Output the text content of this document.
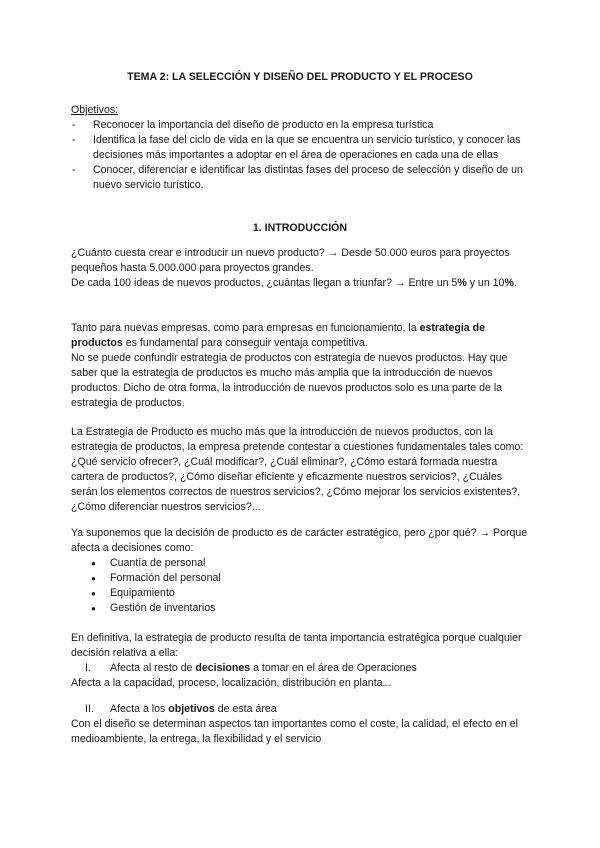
TEMA 2: LA SELECCIÓN Y DISEÑO DEL PRODUCTO Y EL PROCESO
Objetivos:
- Reconocer la importancia del diseño de producto en la empresa turística
- Identifica la fase del ciclo de vida en la que se encuentra un servicio turístico, y conocer las decisiones más importantes a adoptar en el área de operaciones en cada una de ellas
- Conocer, diferenciar e identificar las distintas fases del proceso de selección y diseño de un nuevo servicio turístico.
1. INTRODUCCIÓN

¿Cuánto cuesta crear e introducir un nuevo producto? → Desde 50.000 euros para proyectos pequeños hasta 5.000.000 para proyectos grandes.

De cada 100 ideas de nuevos productos, ¿cuántas llegan a triunfar? → Entre un 5% y un 10%.

Tanto para nuevas empresas, como para empresas en funcionamiento, la estrategia de productos es fundamental para conseguir ventaja competitiva.

No se puede confundir estrategia de productos con estrategia de nuevos productos. Hay que saber que la estrategia de productos es mucho más amplia que la introducción de nuevos productos. Dicho de otra forma, la introducción de nuevos productos solo es una parte de la estrategia de productos.

La Estrategia de Producto es mucho más que la introducción de nuevos productos, con la estrategia de productos, la empresa pretende contestar a cuestiones fundamentales tales como: ¿Qué servicio ofrecer?, ¿Cuál modificar?, ¿Cuál eliminar?, ¿Cómo estará formada nuestra cartera de productos?, ¿Cómo diseñar eficiente y eficazmente nuestros servicios?, ¿Cuáles serán los elementos correctos de nuestros servicios?, ¿Cómo mejorar los servicios existentes?, ¿Cómo diferenciar nuestros servicios?...

Ya suponemos que la decisión de producto es de carácter estratégico, pero ¿por qué? → Porque afecta a decisiones como:

● Cuantía de personal
● Formación del personal
● Equipamiento
● Gestión de inventarios

En definitiva, la estrategia de producto resulta de tanta importancia estratégica porque cualquier decisión relativa a ella:

I. Afecta al resto de decisiones a tomar en el área de Operaciones

Afecta a la capacidad, proceso, localización, distribución en planta...

II. Afecta a los objetivos de esta área

Con el diseño se determinan aspectos tan importantes como el coste, la calidad, el efecto en el medioambiente, la entrega, la flexibilidad y el servicio
